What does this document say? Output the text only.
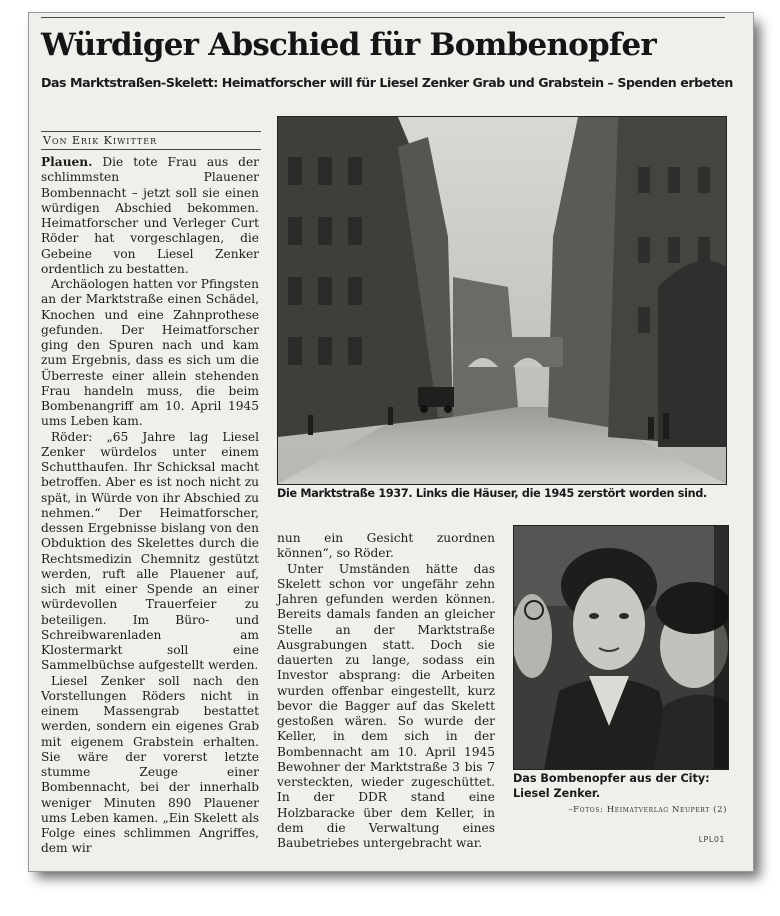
Würdiger Abschied für Bombenopfer
Das Marktstraßen-Skelett: Heimatforscher will für Liesel Zenker Grab und Grabstein – Spenden erbeten
Von Erik Kiwitter

Plauen. Die tote Frau aus der schlimmsten Plauener Bombennacht – jetzt soll sie einen würdigen Abschied bekommen. Heimatforscher und Verleger Curt Röder hat vorgeschlagen, die Gebeine von Liesel Zenker ordentlich zu bestatten.

Archäologen hatten vor Pfingsten an der Marktstraße einen Schädel, Knochen und eine Zahnprothese gefunden. Der Heimatforscher ging den Spuren nach und kam zum Ergebnis, dass es sich um die Überreste einer allein stehenden Frau handeln muss, die beim Bombenangriff am 10. April 1945 ums Leben kam.

Röder: „65 Jahre lag Liesel Zenker würdelos unter einem Schutthaufen. Ihr Schicksal macht betroffen. Aber es ist noch nicht zu spät, in Würde von ihr Abschied zu nehmen.“ Der Heimatforscher, dessen Ergebnisse bislang von den Obduktion des Skelettes durch die Rechtsmedizin Chemnitz gestützt werden, ruft alle Plauener auf, sich mit einer Spende an einer würdevollen Trauerfeier zu beteiligen. Im Büro- und Schreibwarenladen am Klostermarkt soll eine Sammelbüchse aufgestellt werden.

Liesel Zenker soll nach den Vorstellungen Röders nicht in einem Massengrab bestattet werden, sondern ein eigenes Grab mit eigenem Grabstein erhalten. Sie wäre der vorerst letzte stumme Zeuge einer Bombennacht, bei der innerhalb weniger Minuten 890 Plauener ums Leben kamen. „Ein Skelett als Folge eines schlimmen Angriffes, dem wir

Die Marktstraße 1937. Links die Häuser, die 1945 zerstört worden sind.

nun ein Gesicht zuordnen können“, so Röder.

Unter Umständen hätte das Skelett schon vor ungefähr zehn Jahren gefunden werden können. Bereits damals fanden an gleicher Stelle an der Marktstraße Ausgrabungen statt. Doch sie dauerten zu lange, sodass ein Investor absprang: die Arbeiten wurden offenbar eingestellt, kurz bevor die Bagger auf das Skelett gestoßen wären. So wurde der Keller, in dem sich in der Bombennacht am 10. April 1945 Bewohner der Marktstraße 3 bis 7 versteckten, wieder zugeschüttet. In der DDR stand eine Holzbaracke über dem Keller, in dem die Verwaltung eines Baubetriebes untergebracht war.

Das Bombenopfer aus der City: Liesel Zenker.
–Fotos: Heimatverlag Neupert (2)
LPL01
